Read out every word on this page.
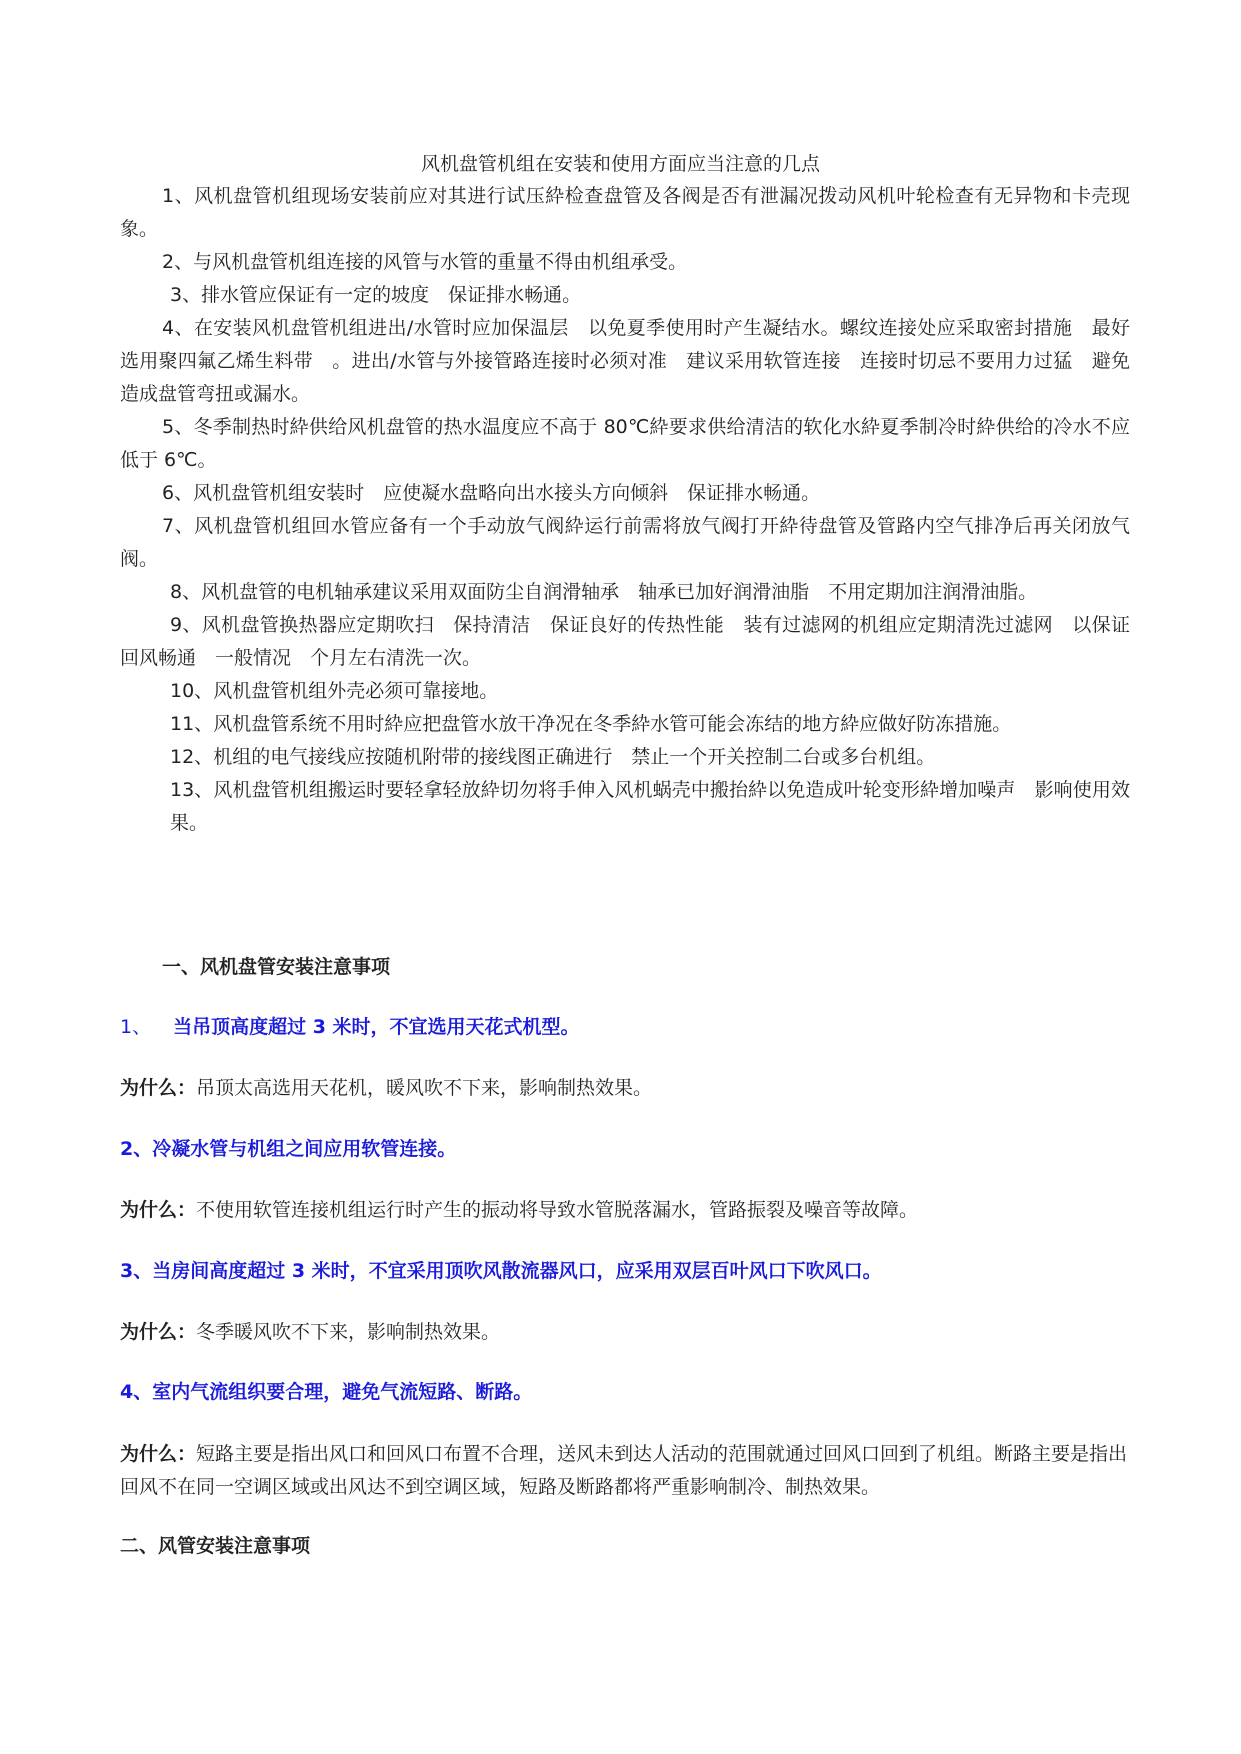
风机盘管机组在安装和使用方面应当注意的几点

1、风机盘管机组现场安装前应对其进行试压紣检查盘管及各阀是否有泄漏况拨动风机叶轮检查有无异物和卡壳现象。

2、与风机盘管机组连接的风管与水管的重量不得由机组承受。

3、排水管应保证有一定的坡度　保证排水畅通。

4、在安装风机盘管机组进出/水管时应加保温层　以免夏季使用时产生凝结水。螺纹连接处应采取密封措施　最好选用聚四氟乙烯生料带　。进出/水管与外接管路连接时必须对准　建议采用软管连接　连接时切忌不要用力过猛　避免造成盘管弯扭或漏水。

5、冬季制热时紣供给风机盘管的热水温度应不高于 80℃紣要求供给清洁的软化水紣夏季制冷时紣供给的冷水不应低于 6℃。

6、风机盘管机组安装时　应使凝水盘略向出水接头方向倾斜　保证排水畅通。

7、风机盘管机组回水管应备有一个手动放气阀紣运行前需将放气阀打开紣待盘管及管路内空气排净后再关闭放气阀。

8、风机盘管的电机轴承建议采用双面防尘自润滑轴承　轴承已加好润滑油脂　不用定期加注润滑油脂。

9、风机盘管换热器应定期吹扫　保持清洁　保证良好的传热性能　装有过滤网的机组应定期清洗过滤网　以保证回风畅通　一般情况　个月左右清洗一次。

10、风机盘管机组外壳必须可靠接地。

11、风机盘管系统不用时紣应把盘管水放干净况在冬季紣水管可能会冻结的地方紣应做好防冻措施。

12、机组的电气接线应按随机附带的接线图正确进行　禁止一个开关控制二台或多台机组。

13、风机盘管机组搬运时要轻拿轻放紣切勿将手伸入风机蜗壳中搬抬紣以免造成叶轮变形紣增加噪声　影响使用效果。

一、风机盘管安装注意事项
1、 当吊顶高度超过 3 米时，不宜选用天花式机型。
为什么：吊顶太高选用天花机，暖风吹不下来，影响制热效果。
2、冷凝水管与机组之间应用软管连接。
为什么：不使用软管连接机组运行时产生的振动将导致水管脱落漏水，管路振裂及噪音等故障。
3、当房间高度超过 3 米时，不宜采用顶吹风散流器风口，应采用双层百叶风口下吹风口。
为什么：冬季暖风吹不下来，影响制热效果。
4、室内气流组织要合理，避免气流短路、断路。
为什么：短路主要是指出风口和回风口布置不合理，送风未到达人活动的范围就通过回风口回到了机组。断路主要是指出回风不在同一空调区域或出风达不到空调区域，短路及断路都将严重影响制冷、制热效果。
二、风管安装注意事项
